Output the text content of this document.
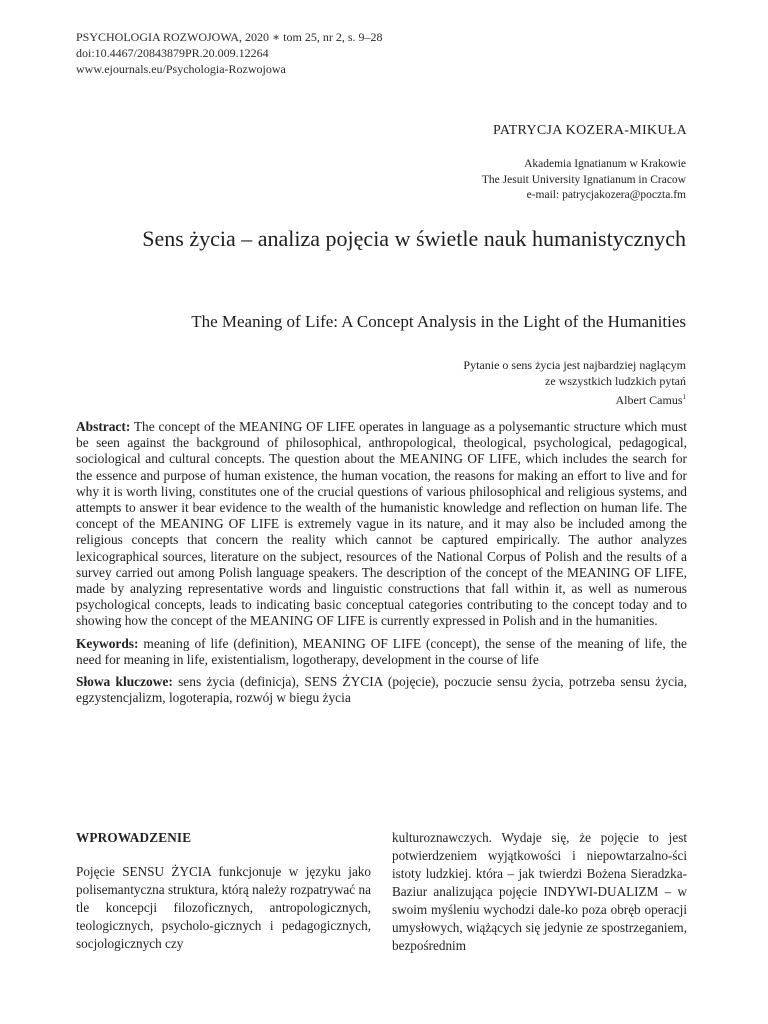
PSYCHOLOGIA ROZWOJOWA, 2020 ∗ tom 25, nr 2, s. 9–28
doi:10.4467/20843879PR.20.009.12264
www.ejournals.eu/Psychologia-Rozwojowa
PATRYCJA KOZERA-MIKUŁA
Akademia Ignatianum w Krakowie
The Jesuit University Ignatianum in Cracow
e-mail: patrycjakozera@poczta.fm
Sens życia – analiza pojęcia w świetle nauk humanistycznych
The Meaning of Life: A Concept Analysis in the Light of the Humanities
Pytanie o sens życia jest najbardziej naglącym
ze wszystkich ludzkich pytań
Albert Camus$^1$

Abstract: The concept of the MEANING OF LIFE operates in language as a polysemantic structure which must be seen against the background of philosophical, anthropological, theological, psychological, pedagogical, sociological and cultural concepts. The question about the MEANING OF LIFE, which includes the search for the essence and purpose of human existence, the human vocation, the reasons for making an effort to live and for why it is worth living, constitutes one of the crucial questions of various philosophical and religious systems, and attempts to answer it bear evidence to the wealth of the humanistic knowledge and reflection on human life. The concept of the MEANING OF LIFE is extremely vague in its nature, and it may also be included among the religious concepts that concern the reality which cannot be captured empirically. The author analyzes lexicographical sources, literature on the subject, resources of the National Corpus of Polish and the results of a survey carried out among Polish language speakers. The description of the concept of the MEANING OF LIFE, made by analyzing representative words and linguistic constructions that fall within it, as well as numerous psychological concepts, leads to indicating basic conceptual categories contributing to the concept today and to showing how the concept of the MEANING OF LIFE is currently expressed in Polish and in the humanities.

Keywords: meaning of life (definition), MEANING OF LIFE (concept), the sense of the meaning of life, the need for meaning in life, existentialism, logotherapy, development in the course of life

Słowa kluczowe: sens życia (definicja), SENS ŻYCIA (pojęcie), poczucie sensu życia, potrzeba sensu życia, egzystencjalizm, logoterapia, rozwój w biegu życia

WPROWADZENIE

Pojęcie SENSU ŻYCIA funkcjonuje w języku jako polisemantyczna struktura, którą należy rozpatrywać na tle koncepcji filozoficznych, antropologicznych, teologicznych, psycholo-gicznych i pedagogicznych, socjologicznych czy

kulturoznawczych. Wydaje się, że pojęcie to jest potwierdzeniem wyjątkowości i niepowtarzalno-ści istoty ludzkiej. która – jak twierdzi Bożena Sieradzka-Baziur analizująca pojęcie INDYWI-DUALIZM – w swoim myśleniu wychodzi dale-ko poza obręb operacji umysłowych, wiążących się jedynie ze spostrzeganiem, bezpośrednim
